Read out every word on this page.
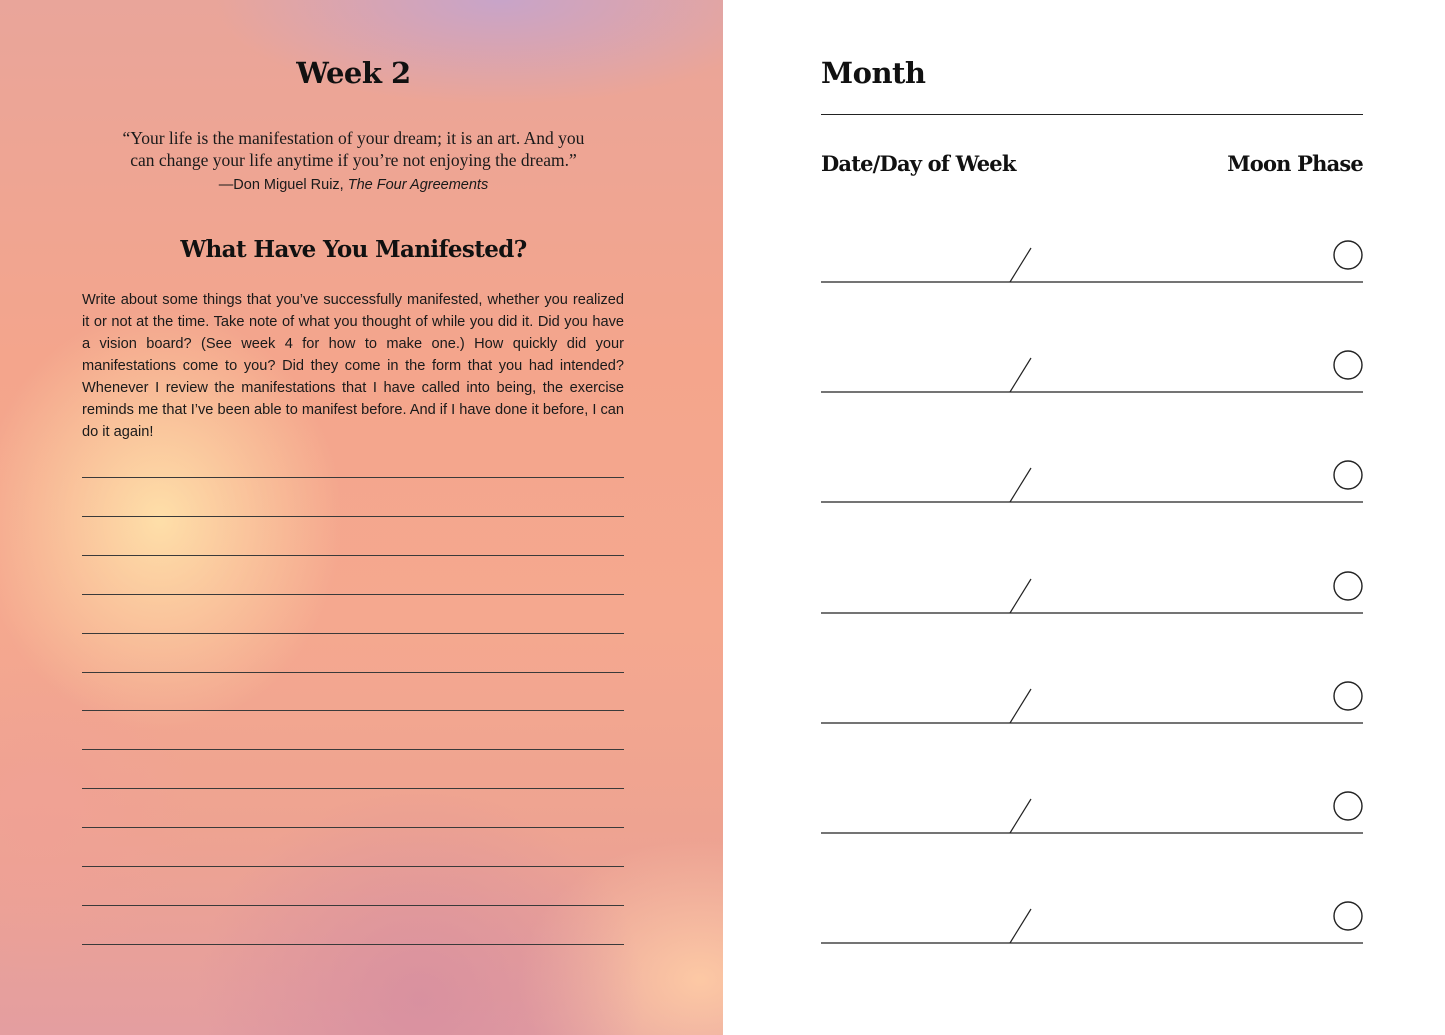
Week 2
“Your life is the manifestation of your dream; it is an art. And you
can change your life anytime if you’re not enjoying the dream.”
—Don Miguel Ruiz, The Four Agreements
What Have You Manifested?
Write about some things that you’ve successfully manifested, whether you realized it or not at the time. Take note of what you thought of while you did it. Did you have a vision board? (See week 4 for how to make one.) How quickly did your manifestations come to you? Did they come in the form that you had intended? Whenever I review the manifestations that I have called into being, the exercise reminds me that I’ve been able to manifest before. And if I have done it before, I can do it again!
Month
Date/Day of Week	Moon Phase
